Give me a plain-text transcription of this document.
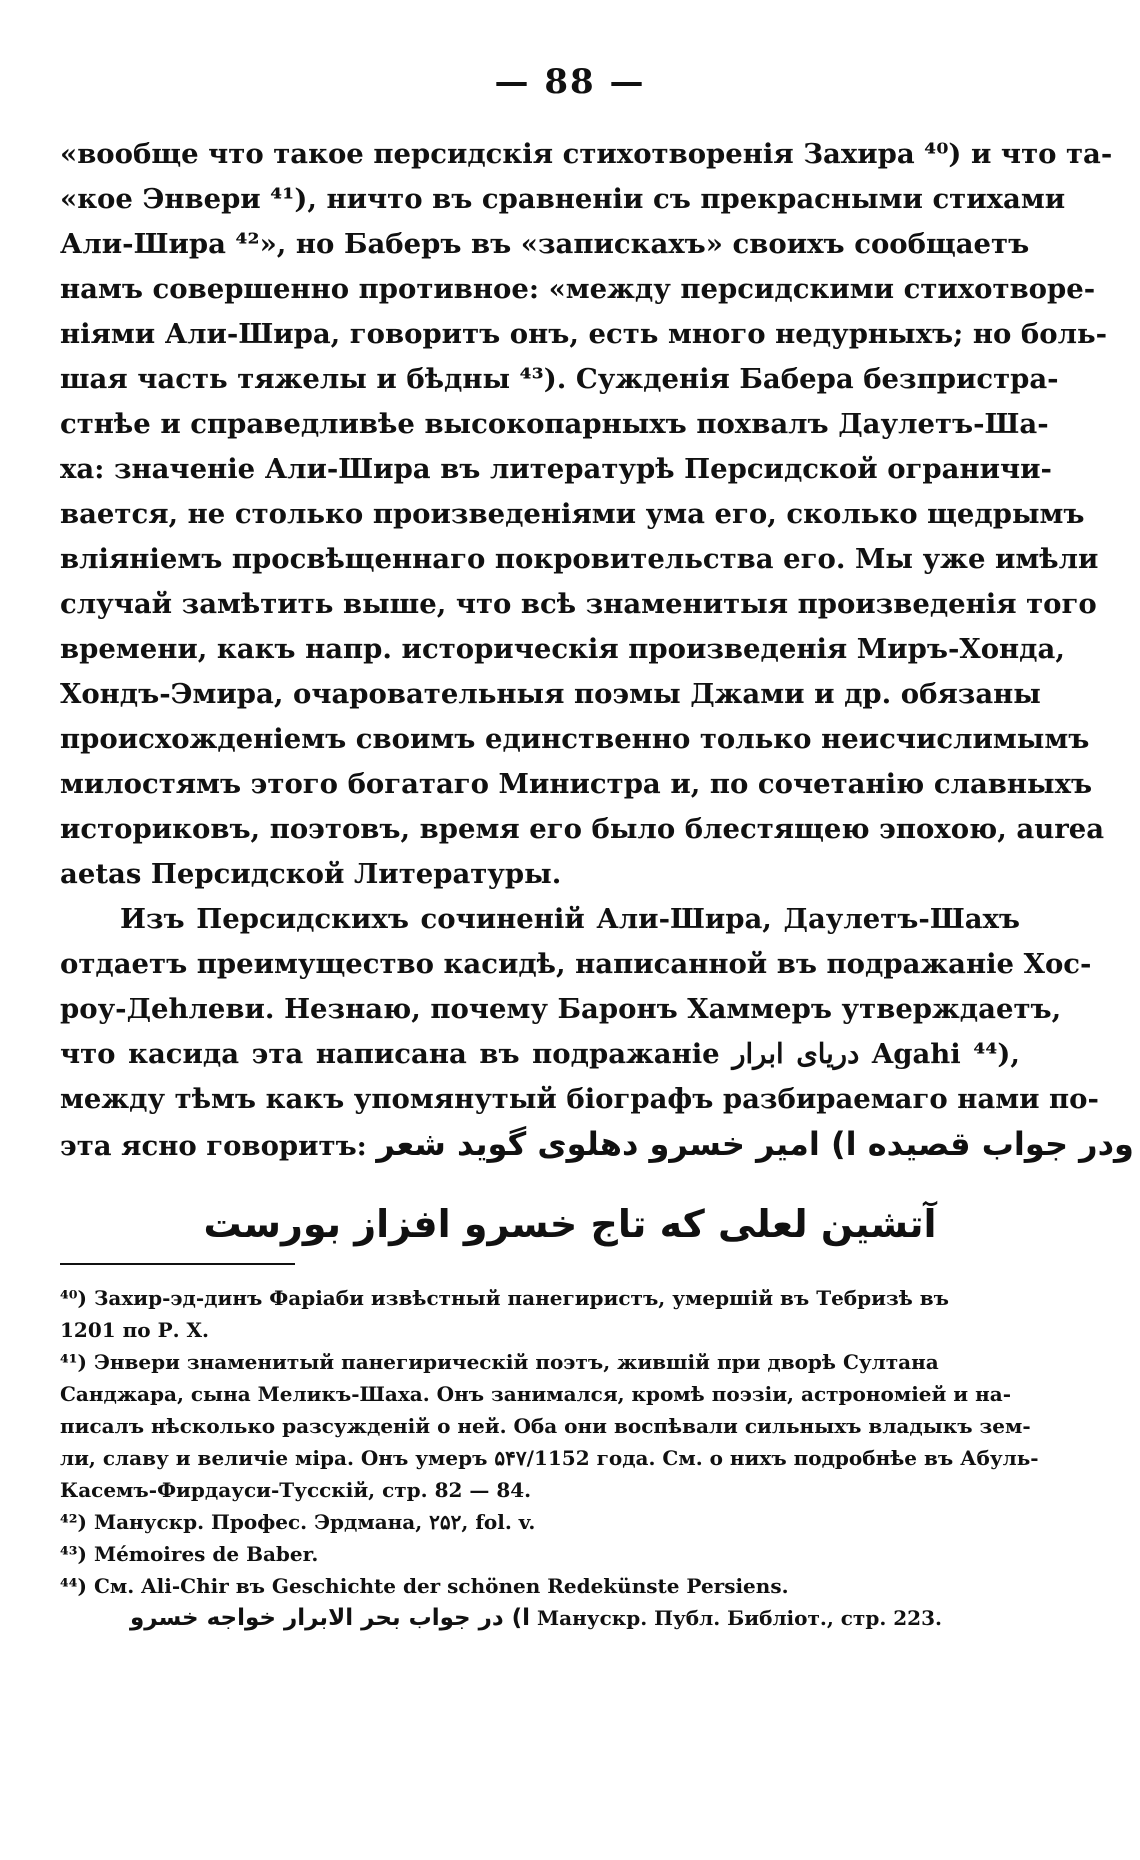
— 88 —
«вообще что такое персидскія стихотворенія Захира ⁴⁰) и что та-
«кое Энвери ⁴¹), ничто въ сравненіи съ прекрасными стихами
Али-Шира ⁴²», но Баберъ въ «запискахъ» своихъ сообщаетъ
намъ совершенно противное: «между персидскими стихотворе-
ніями Али-Шира, говоритъ онъ, есть много недурныхъ; но боль-
шая часть тяжелы и бѣдны ⁴³). Сужденія Бабера безпристра-
стнѣе и справедливѣе высокопарныхъ похвалъ Даулетъ-Ша-
ха: значеніе Али-Шира въ литературѣ Персидской ограничи-
вается, не столько произведеніями ума его, сколько щедрымъ
вліяніемъ просвѣщеннаго покровительства его. Мы уже имѣли
случай замѣтить выше, что всѣ знаменитыя произведенія того
времени, какъ напр. историческія произведенія Миръ-Хонда,
Хондъ-Эмира, очаровательныя поэмы Джами и др. обязаны
происхожденіемъ своимъ единственно только неисчислимымъ
милостямъ этого богатаго Министра и, по сочетанію славныхъ
историковъ, поэтовъ, время его было блестящею эпохою, aurea
aetas Персидской Литературы.
Изъ Персидскихъ сочиненій Али-Шира, Даулетъ-Шахъ
отдаетъ преимущество касидѣ, написанной въ подражаніе Хос-
роу-Деһлеви. Незнаю, почему Баронъ Хаммеръ утверждаетъ,
что касида эта написана въ подражаніе دریای ابرار Agahi ⁴⁴),
между тѣмъ какъ упомянутый біографъ разбираемаго нами по-
эта ясно говоритъ: ودر جواب قصیده ا) امیر خسرو دهلوی گوید شعر
آتشین لعلی که تاج خسرو افزاز بورست
⁴⁰) Захир-эд-динъ Фаріаби извѣстный панегиристъ, умершій въ Тебризѣ въ
1201 по Р. Х.
⁴¹) Энвери знаменитый панегирическій поэтъ, жившій при дворѣ Султана
Санджара, сына Меликъ-Шаха. Онъ занимался, кромѣ поэзіи, астрономіей и на-
писалъ нѣсколько разсужденій о ней. Оба они воспѣвали сильныхъ владыкъ зем-
ли, славу и величіе міра. Онъ умеръ ۵۴۷/1152 года. См. о нихъ подробнѣе въ Абуль-
Касемъ-Фирдауси-Тусскій, стр. 82 — 84.
⁴²) Манускр. Профес. Эрдмана, ۲۵۲, fol. v.
⁴³) Mémoires de Baber.
⁴⁴) См. Ali-Chir въ Geschichte der schönen Redekünste Persiens.
ا) در جواب بحر الابرار خواجه خسرو Манускр. Публ. Библіот., стр. 223.
